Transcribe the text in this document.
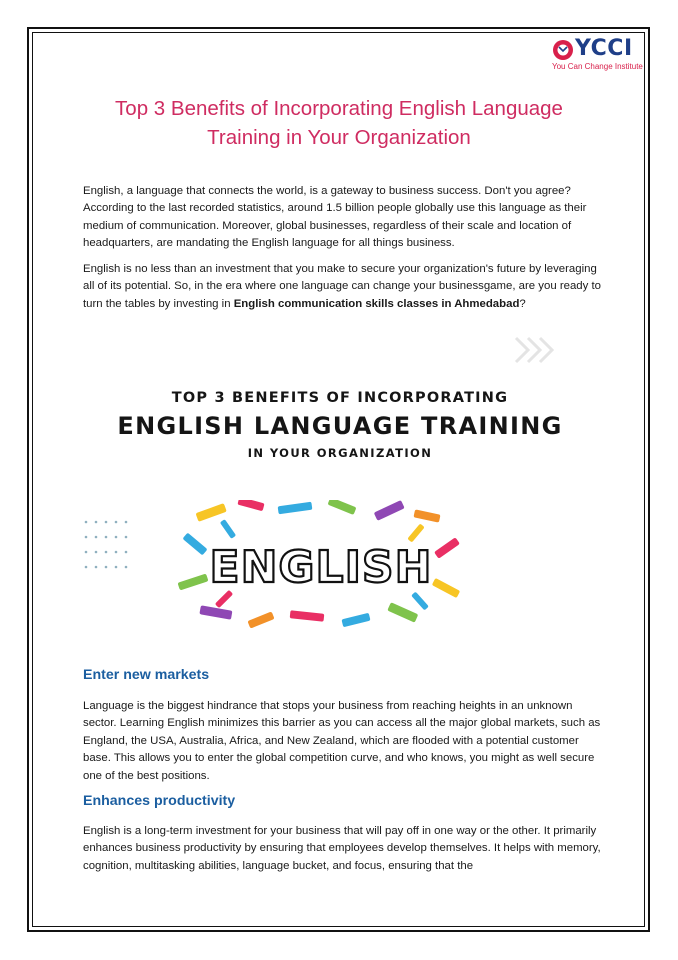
YCCI
You Can Change Institute
Top 3 Benefits of Incorporating English Language
Training in Your Organization

English, a language that connects the world, is a gateway to business success. Don't you agree? According to the last recorded statistics, around 1.5 billion people globally use this language as their medium of communication. Moreover, global businesses, regardless of their scale and location of headquarters, are mandating the English language for all things business.

English is no less than an investment that you make to secure your organization's future by leveraging all of its potential. So, in the era where one language can change your businessgame, are you ready to turn the tables by investing in English communication skills classes in Ahmedabad?

TOP 3 BENEFITS OF INCORPORATING
ENGLISH LANGUAGE TRAINING
IN YOUR ORGANIZATION
ENGLISH
Enter new markets

Language is the biggest hindrance that stops your business from reaching heights in an unknown sector. Learning English minimizes this barrier as you can access all the major global markets, such as England, the USA, Australia, Africa, and New Zealand, which are flooded with a potential customer base. This allows you to enter the global competition curve, and who knows, you might as well secure one of the best positions.

Enhances productivity

English is a long-term investment for your business that will pay off in one way or the other. It primarily enhances business productivity by ensuring that employees develop themselves. It helps with memory, cognition, multitasking abilities, language bucket, and focus, ensuring that the
